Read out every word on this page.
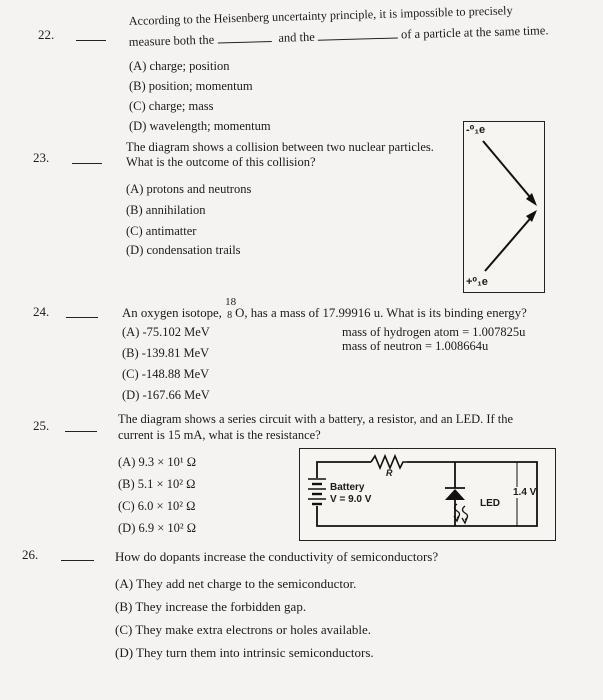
22.
According to the Heisenberg uncertainty principle, it is impossible to precisely
measure both the	and the	of a particle at the same time.
(A) charge; position
(B) position; momentum
(C) charge; mass
(D) wavelength; momentum
23.
The diagram shows a collision between two nuclear particles.
What is the outcome of this collision?
(A) protons and neutrons
(B) annihilation
(C) antimatter
(D) condensation trails
-⁰₁e
+⁰₁e
24.	An oxygen isotope,
18
8 O, has a mass of 17.99916 u. What is its binding energy?
(A) -75.102 MeV
(B) -139.81 MeV
(C) -148.88 MeV
(D) -167.66 MeV
mass of hydrogen atom = 1.007825u
mass of neutron = 1.008664u
25.	The diagram shows a series circuit with a battery, a resistor, and an LED. If the
current is 15 mA, what is the resistance?
(A) 9.3 × 10¹ Ω
(B) 5.1 × 10² Ω
(C) 6.0 × 10² Ω
(D) 6.9 × 10² Ω
R
Battery
V = 9.0 V
1.4 V
LED
26.	How do dopants increase the conductivity of semiconductors?
(A) They add net charge to the semiconductor.
(B) They increase the forbidden gap.
(C) They make extra electrons or holes available.
(D) They turn them into intrinsic semiconductors.
